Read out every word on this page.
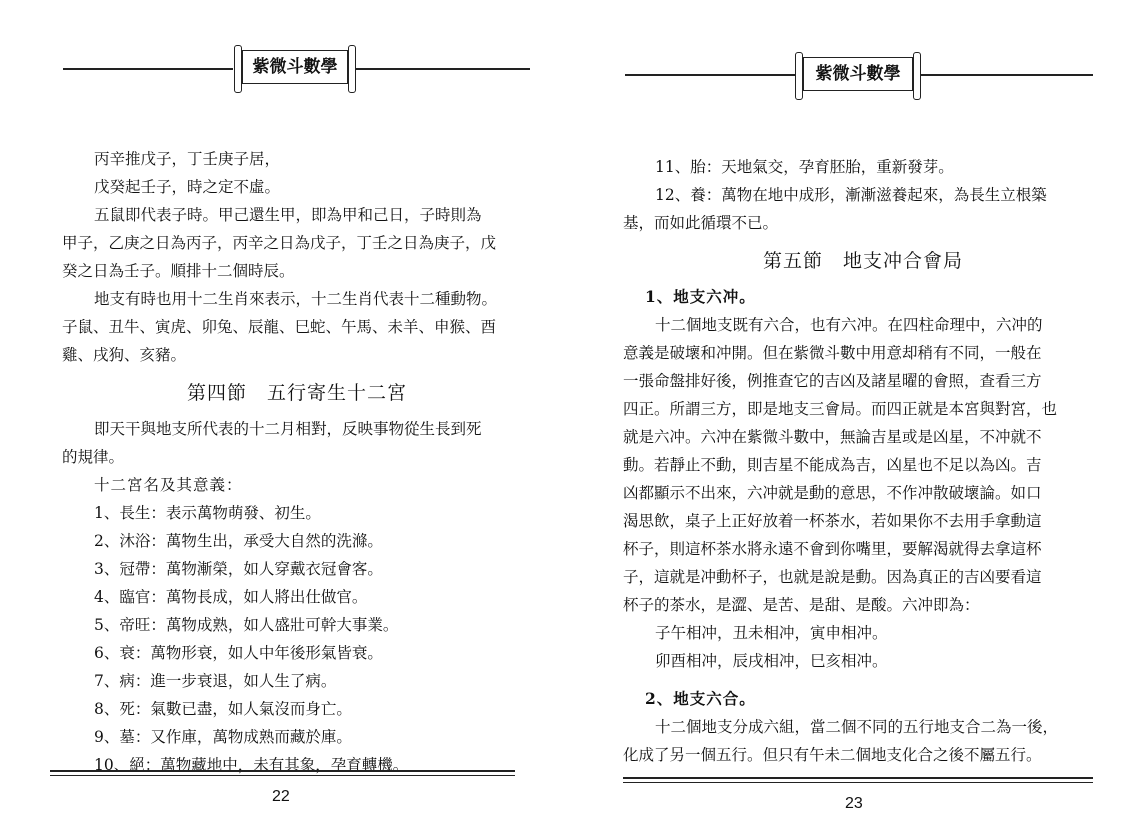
紫微斗數學

丙辛推戊子，丁壬庚子居，

戊癸起壬子，時之定不虛。

五鼠即代表子時。甲己還生甲，即為甲和己日，子時則為

甲子，乙庚之日為丙子，丙辛之日為戊子，丁壬之日為庚子，戊

癸之日為壬子。順排十二個時辰。

地支有時也用十二生肖來表示，十二生肖代表十二種動物。

子鼠、丑牛、寅虎、卯兔、辰龍、巳蛇、午馬、未羊、申猴、酉

雞、戌狗、亥豬。

第四節　五行寄生十二宮

即天干與地支所代表的十二月相對，反映事物從生長到死

的規律。

十二宮名及其意義：

1、長生：表示萬物萌發、初生。

2、沐浴：萬物生出，承受大自然的洗滌。

3、冠帶：萬物漸榮，如人穿戴衣冠會客。

4、臨官：萬物長成，如人將出仕做官。

5、帝旺：萬物成熟，如人盛壯可幹大事業。

6、衰：萬物形衰，如人中年後形氣皆衰。

7、病：進一步衰退，如人生了病。

8、死：氣數已盡，如人氣沒而身亡。

9、墓：又作庫，萬物成熟而藏於庫。

10、絕：萬物藏地中，未有其象，孕育轉機。

22
紫微斗數學

11、胎：天地氣交，孕育胚胎，重新發芽。

12、養：萬物在地中成形，漸漸滋養起來，為長生立根築

基，而如此循環不已。

第五節　地支冲合會局

1、地支六冲。

十二個地支既有六合，也有六冲。在四柱命理中，六冲的

意義是破壞和冲開。但在紫微斗數中用意却稍有不同，一般在

一張命盤排好後，例推查它的吉凶及諸星曜的會照，查看三方

四正。所謂三方，即是地支三會局。而四正就是本宮與對宮，也

就是六冲。六冲在紫微斗數中，無論吉星或是凶星，不冲就不

動。若靜止不動，則吉星不能成為吉，凶星也不足以為凶。吉

凶都顯示不出來，六冲就是動的意思，不作冲散破壞論。如口

渴思飲，桌子上正好放着一杯茶水，若如果你不去用手拿動這

杯子，則這杯茶水將永遠不會到你嘴里，要解渴就得去拿這杯

子，這就是冲動杯子，也就是說是動。因為真正的吉凶要看這

杯子的茶水，是澀、是苦、是甜、是酸。六冲即為：

子午相冲，丑未相冲，寅申相冲。

卯酉相冲，辰戌相冲，巳亥相冲。

2、地支六合。

十二個地支分成六組，當二個不同的五行地支合二為一後，

化成了另一個五行。但只有午未二個地支化合之後不屬五行。

23
